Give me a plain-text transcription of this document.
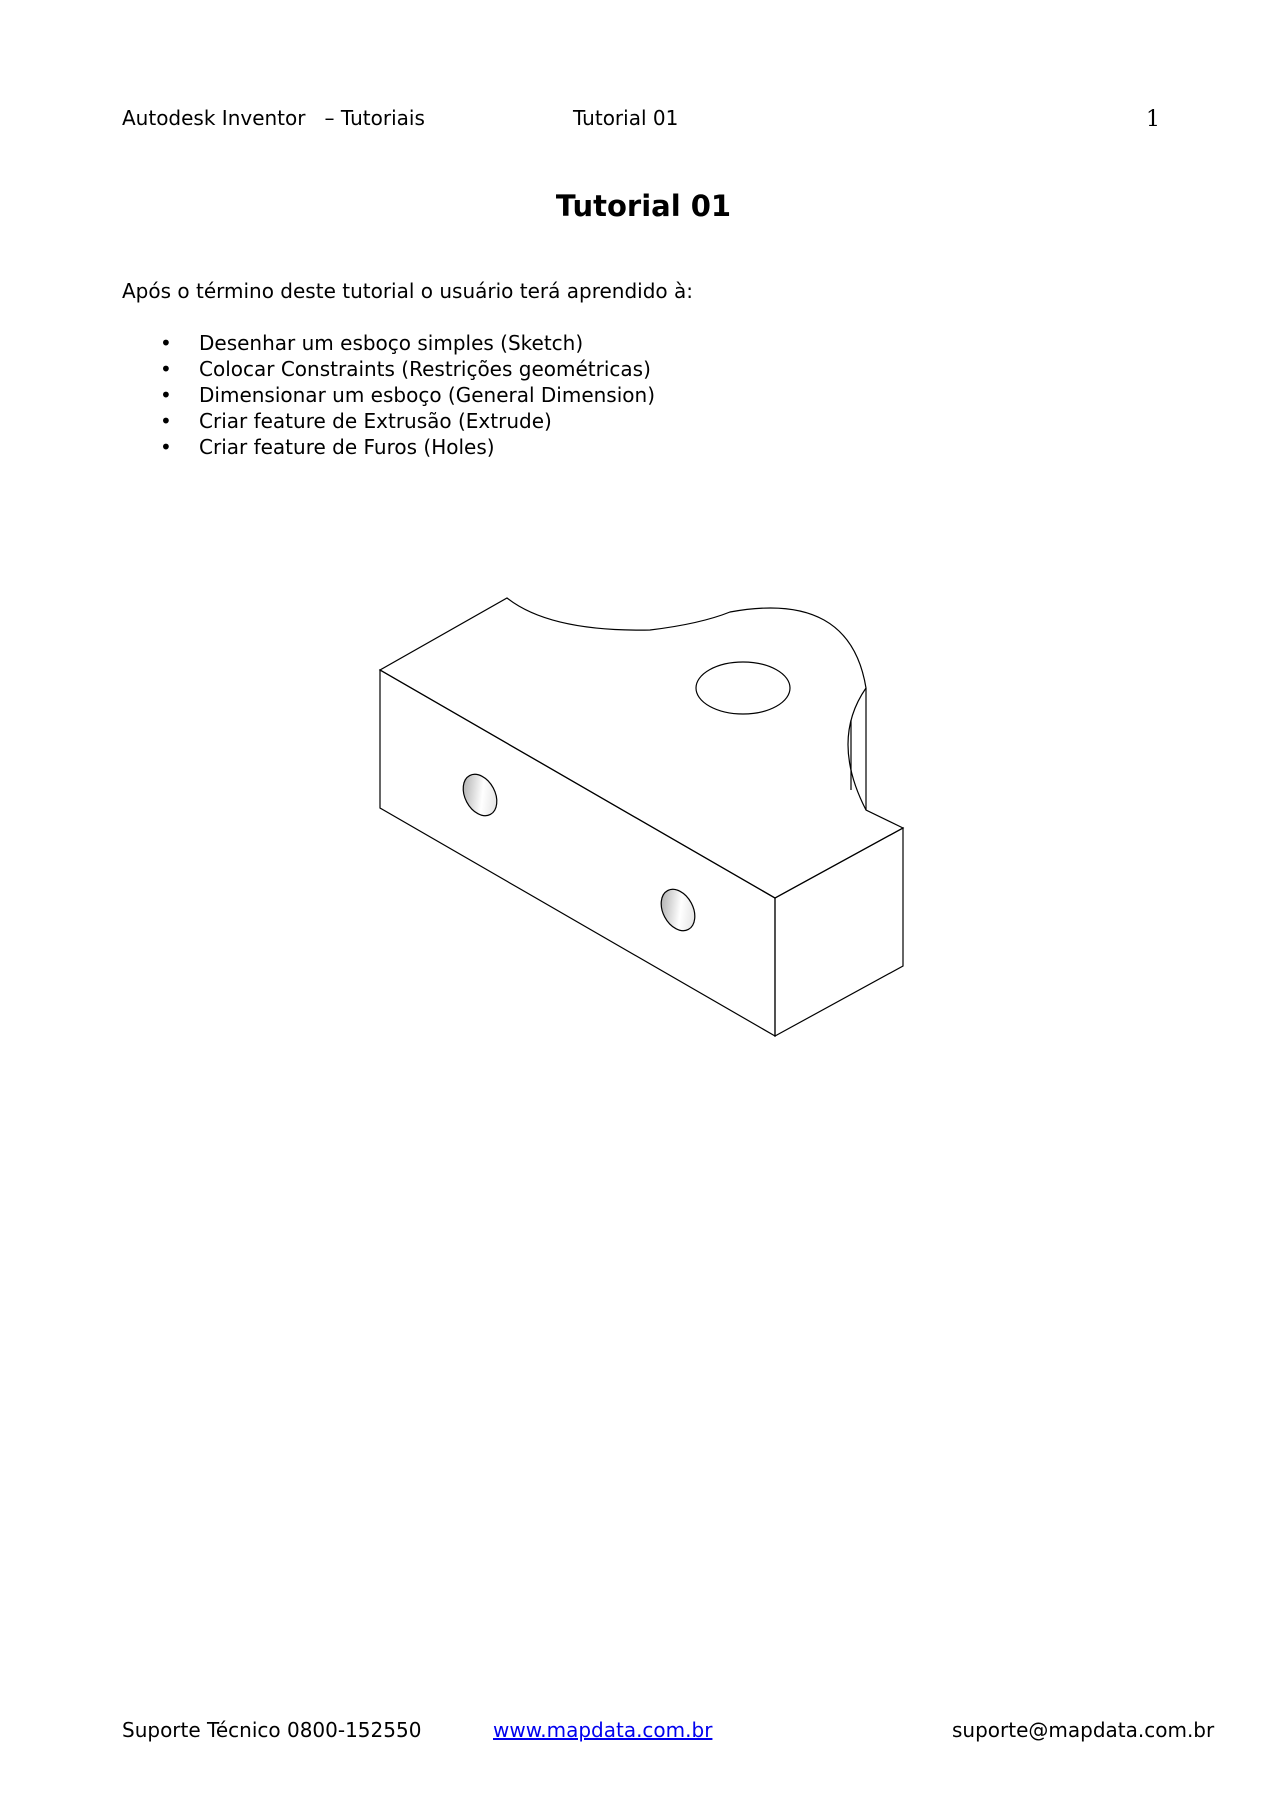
Autodesk Inventor   – Tutoriais	Tutorial 01	1
Tutorial 01
Após o término deste tutorial o usuário terá aprendido à:
• Desenhar um esboço simples (Sketch)
• Colocar Constraints (Restrições geométricas)
• Dimensionar um esboço (General Dimension)
• Criar feature de Extrusão (Extrude)
• Criar feature de Furos (Holes)
Suporte Técnico 0800-152550	www.mapdata.com.br	suporte@mapdata.com.br
